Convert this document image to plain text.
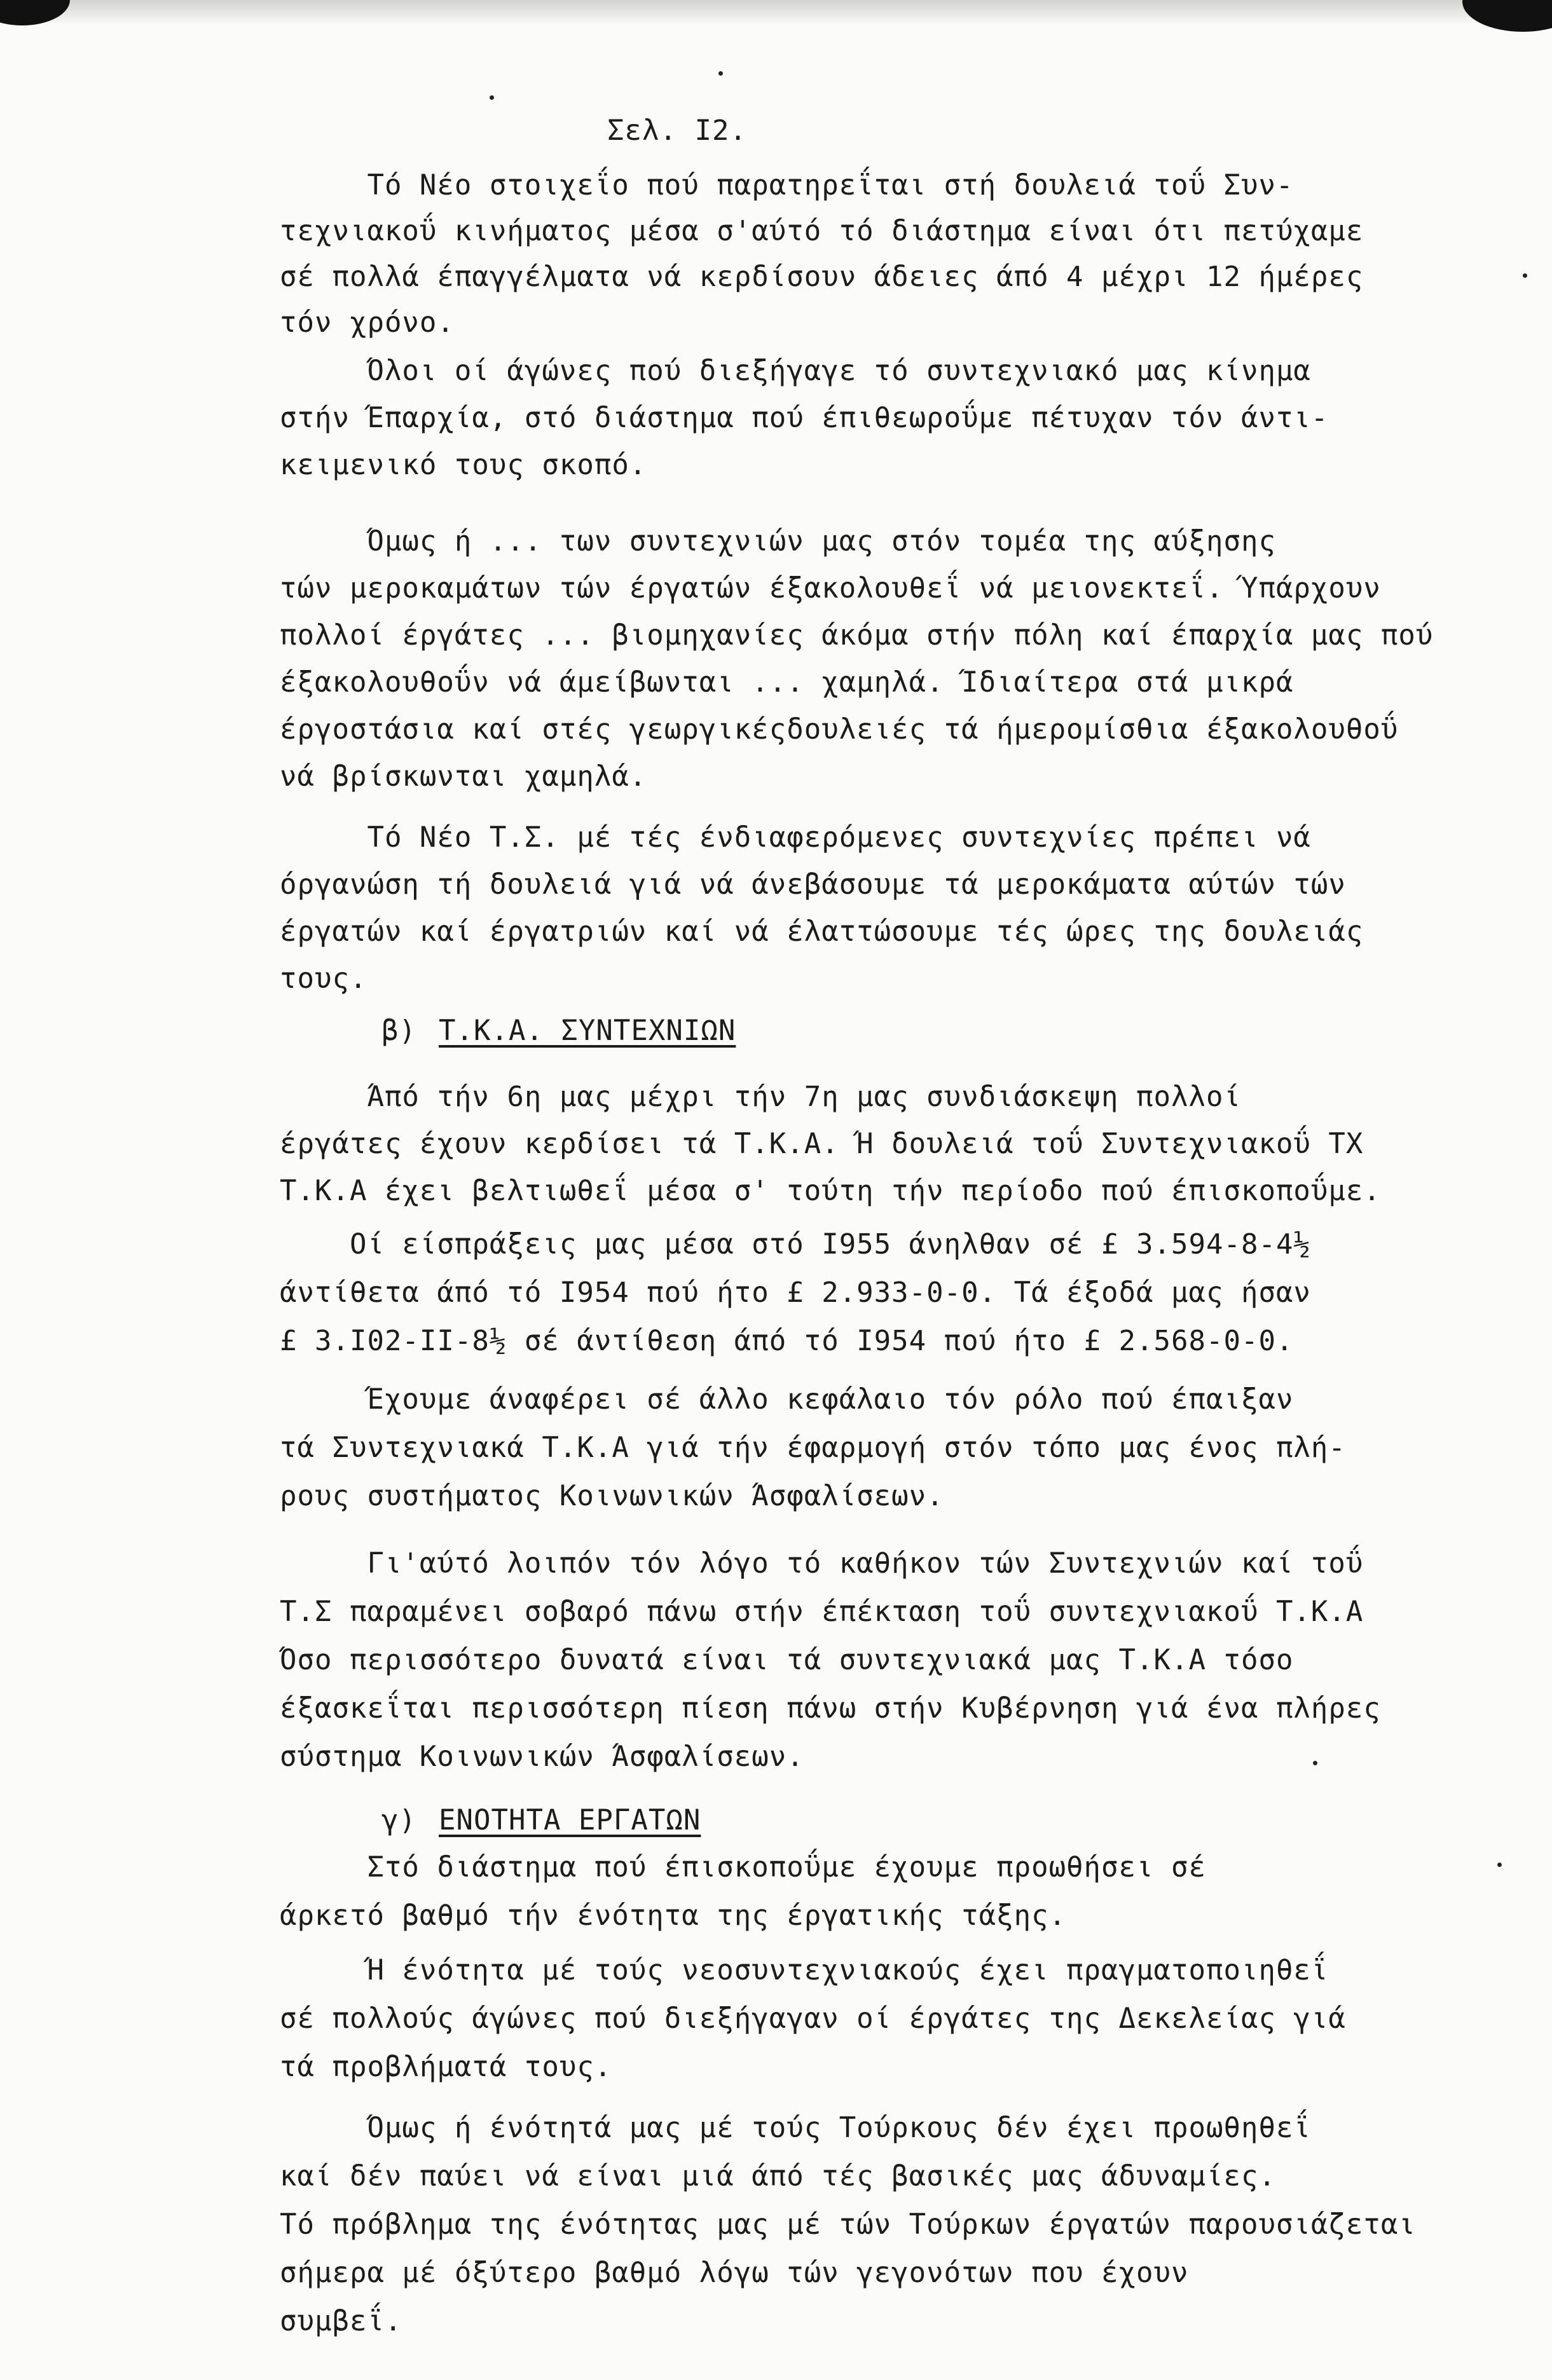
Σελ. Ι2.
Τό Νέο στοιχεΐο πού παρατηρεΐται στή δουλειά τοΰ Συν-
τεχνιακοΰ κινήματος μέσα σ'αύτό τό διάστημα είναι ότι πετύχαμε
σέ πολλά έπαγγέλματα νά κερδίσουν άδειες άπό 4 μέχρι 12 ήμέρες
τόν χρόνο.
Όλοι οί άγώνες πού διεξήγαγε τό συντεχνιακό μας κίνημα
στήν Έπαρχία, στό διάστημα πού έπιθεωροΰμε πέτυχαν τόν άντι-
κειμενικό τους σκοπό.
Όμως ή ... των συντεχνιών μας στόν τομέα της αύξησης
τών μεροκαμάτων τών έργατών έξακολουθεΐ νά μειονεκτεΐ. Ύπάρχουν
πολλοί έργάτες ... βιομηχανίες άκόμα στήν πόλη καί έπαρχία μας πού
έξακολουθοΰν νά άμείβωνται ... χαμηλά. Ίδιαίτερα στά μικρά
έργοστάσια καί στές γεωργικέςδουλειές τά ήμερομίσθια έξακολουθοΰ
νά βρίσκωνται χαμηλά.
Τό Νέο Τ.Σ. μέ τές ένδιαφερόμενες συντεχνίες πρέπει νά
όργανώση τή δουλειά γιά νά άνεβάσουμε τά μεροκάματα αύτών τών
έργατών καί έργατριών καί νά έλαττώσουμε τές ώρες της δουλειάς
τους.
β) Τ.Κ.Α. ΣΥΝΤΕΧΝΙΩΝ
Άπό τήν 6η μας μέχρι τήν 7η μας συνδιάσκεψη πολλοί
έργάτες έχουν κερδίσει τά Τ.Κ.Α. Ή δουλειά τοΰ Συντεχνιακοΰ ΤΧ
Τ.Κ.Α έχει βελτιωθεΐ μέσα σ' τούτη τήν περίοδο πού έπισκοποΰμε.
Οί είσπράξεις μας μέσα στό Ι955 άνηλθαν σέ £ 3.594-8-4½
άντίθετα άπό τό Ι954 πού ήτο £ 2.933-0-0. Τά έξοδά μας ήσαν
£ 3.Ι02-ΙΙ-8½ σέ άντίθεση άπό τό Ι954 πού ήτο £ 2.568-0-0.
Έχουμε άναφέρει σέ άλλο κεφάλαιο τόν ρόλο πού έπαιξαν
τά Συντεχνιακά Τ.Κ.Α γιά τήν έφαρμογή στόν τόπο μας ένος πλή-
ρους συστήματος Κοινωνικών Άσφαλίσεων.
Γι'αύτό λοιπόν τόν λόγο τό καθήκον τών Συντεχνιών καί τοΰ
Τ.Σ παραμένει σοβαρό πάνω στήν έπέκταση τοΰ συντεχνιακοΰ Τ.Κ.Α
Όσο περισσότερο δυνατά είναι τά συντεχνιακά μας Τ.Κ.Α τόσο
έξασκεΐται περισσότερη πίεση πάνω στήν Κυβέρνηση γιά ένα πλήρες
σύστημα Κοινωνικών Άσφαλίσεων.
γ) ΕΝΟΤΗΤΑ ΕΡΓΑΤΩΝ
Στό διάστημα πού έπισκοποΰμε έχουμε προωθήσει σέ
άρκετό βαθμό τήν ένότητα της έργατικής τάξης.
Ή ένότητα μέ τούς νεοσυντεχνιακούς έχει πραγματοποιηθεΐ
σέ πολλούς άγώνες πού διεξήγαγαν οί έργάτες της Δεκελείας γιά
τά προβλήματά τους.
Όμως ή ένότητά μας μέ τούς Τούρκους δέν έχει προωθηθεΐ
καί δέν παύει νά είναι μιά άπό τές βασικές μας άδυναμίες.
Τό πρόβλημα της ένότητας μας μέ τών Τούρκων έργατών παρουσιάζεται
σήμερα μέ όξύτερο βαθμό λόγω τών γεγονότων που έχουν
συμβεΐ.
